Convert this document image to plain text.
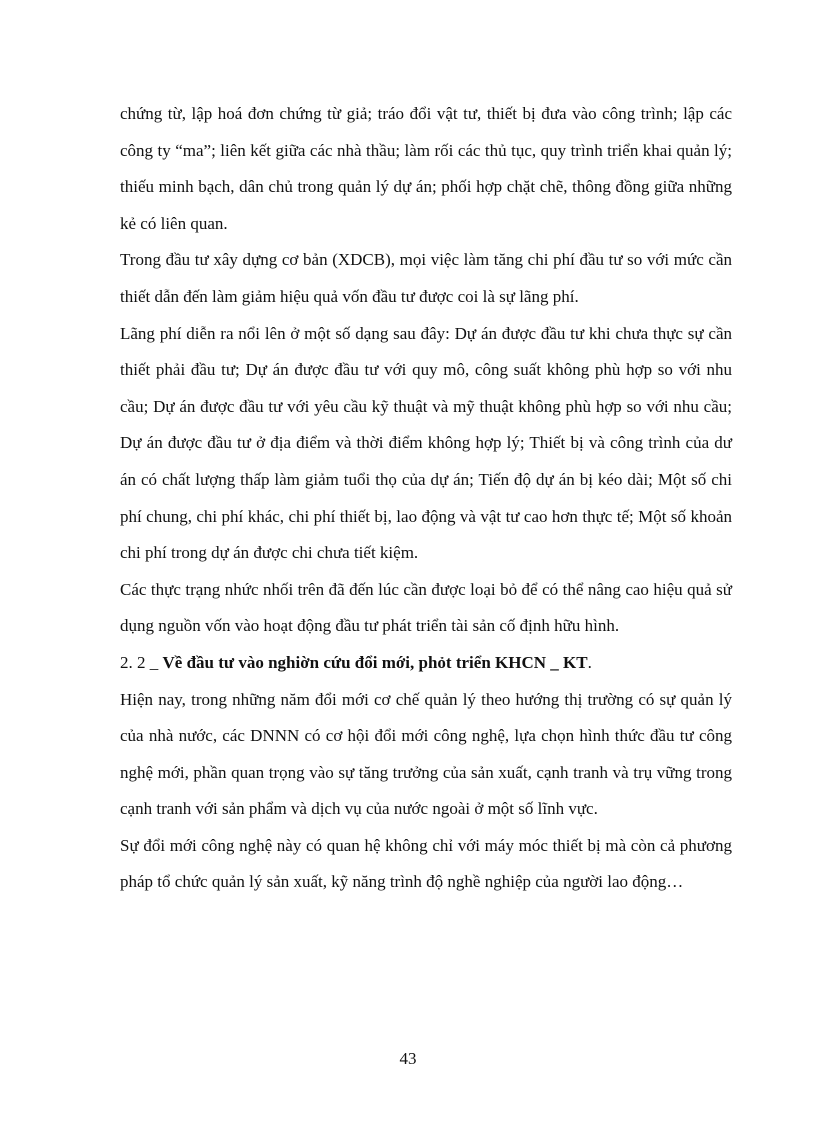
chứng từ, lập hoá đơn chứng từ giả; tráo đổi vật tư, thiết bị đưa vào công trình; lập các công ty “ma”; liên kết giữa các nhà thầu; làm rối các thủ tục, quy trình triển khai quản lý; thiếu minh bạch, dân chủ trong quản lý dự án; phối hợp chặt chẽ, thông đồng giữa những kẻ có liên quan.

Trong đầu tư xây dựng cơ bản (XDCB), mọi việc làm tăng chi phí đầu tư so với mức cần thiết dẫn đến làm giảm hiệu quả vốn đầu tư được coi là sự lãng phí.

Lãng phí diễn ra nổi lên ở một số dạng sau đây: Dự án được đầu tư khi chưa thực sự cần thiết phải đầu tư; Dự án được đầu tư với quy mô, công suất không phù hợp so với nhu cầu; Dự án được đầu tư với yêu cầu kỹ thuật và mỹ thuật không phù hợp so với nhu cầu; Dự án được đầu tư ở địa điểm và thời điểm không hợp lý; Thiết bị và công trình của dư án có chất lượng thấp làm giảm tuổi thọ của dự án; Tiến độ dự án bị kéo dài; Một số chi phí chung, chi phí khác, chi phí thiết bị, lao động và vật tư cao hơn thực tế; Một số khoản chi phí trong dự án được chi chưa tiết kiệm.

Các thực trạng nhức nhối trên đã đến lúc cần được loại bỏ để có thể nâng cao hiệu quả sử dụng nguồn vốn vào hoạt động đầu tư phát triển tài sản cố định hữu hình.

2. 2 _ Về đầu tư vào nghiờn cứu đổi mới, phỏt triển KHCN _ KT.

Hiện nay, trong những năm đổi mới cơ chế quản lý theo hướng thị trường có sự quản lý của nhà nước, các DNNN có cơ hội đổi mới công nghệ, lựa chọn hình thức đầu tư công nghệ mới, phần quan trọng vào sự tăng trưởng của sản xuất, cạnh tranh và trụ vững trong cạnh tranh với sản phẩm và dịch vụ của nước ngoài ở một số lĩnh vực.

Sự đổi mới công nghệ này có quan hệ không chỉ với máy móc thiết bị mà còn cả phương pháp tổ chức quản lý sản xuất, kỹ năng trình độ nghề nghiệp của người lao động…

43
